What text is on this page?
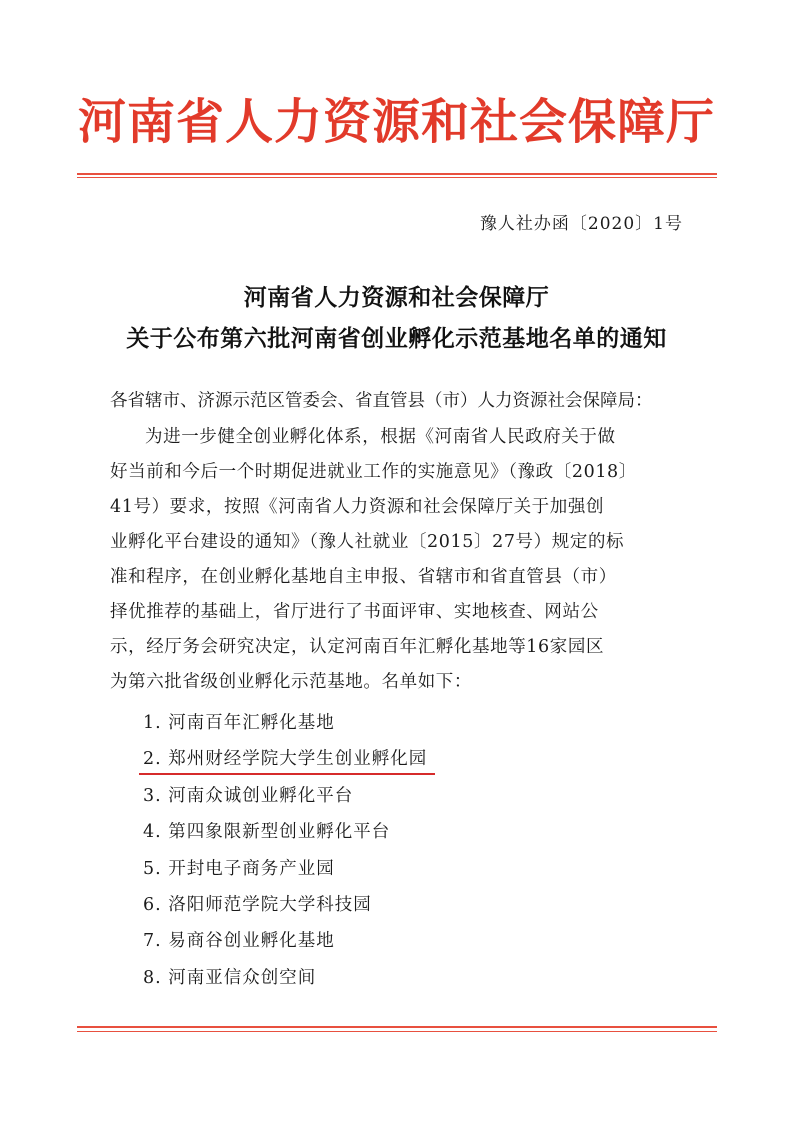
河南省人力资源和社会保障厅
豫人社办函〔2020〕1号
河南省人力资源和社会保障厅
关于公布第六批河南省创业孵化示范基地名单的通知
各省辖市、济源示范区管委会、省直管县（市）人力资源社会保障局：
为进一步健全创业孵化体系，根据《河南省人民政府关于做
好当前和今后一个时期促进就业工作的实施意见》（豫政〔2018〕
41号）要求，按照《河南省人力资源和社会保障厅关于加强创
业孵化平台建设的通知》（豫人社就业〔2015〕27号）规定的标
准和程序，在创业孵化基地自主申报、省辖市和省直管县（市）
择优推荐的基础上，省厅进行了书面评审、实地核查、网站公
示，经厅务会研究决定，认定河南百年汇孵化基地等16家园区
为第六批省级创业孵化示范基地。名单如下：
1. 河南百年汇孵化基地
2. 郑州财经学院大学生创业孵化园
3. 河南众诚创业孵化平台
4. 第四象限新型创业孵化平台
5. 开封电子商务产业园
6. 洛阳师范学院大学科技园
7. 易商谷创业孵化基地
8. 河南亚信众创空间
